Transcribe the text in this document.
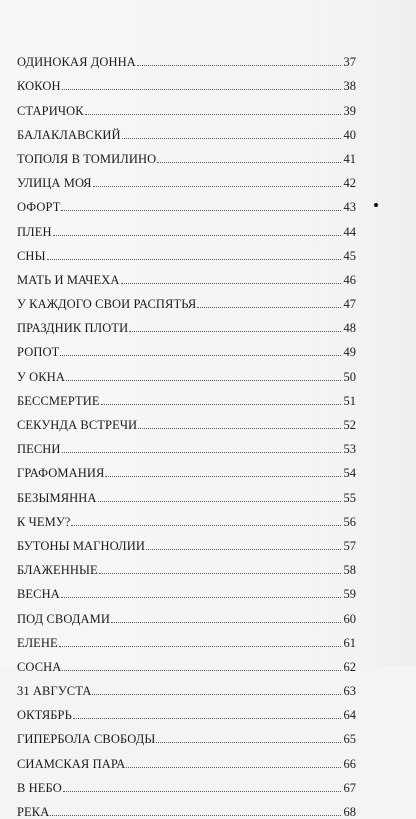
ОДИНОКАЯ ДОННА	37
КОКОН	38
СТАРИЧОК	39
БАЛАКЛАВСКИЙ	40
ТОПОЛЯ В ТОМИЛИНО	41
УЛИЦА МОЯ	42
ОФОРТ	43
ПЛЕН	44
СНЫ	45
МАТЬ И МАЧЕХА	46
У КАЖДОГО СВОИ РАСПЯТЬЯ	47
ПРАЗДНИК ПЛОТИ	48
РОПОТ	49
У ОКНА	50
БЕССМЕРТИЕ	51
СЕКУНДА ВСТРЕЧИ	52
ПЕСНИ	53
ГРАФОМАНИЯ	54
БЕЗЫМЯННА	55
К ЧЕМУ?	56
БУТОНЫ МАГНОЛИИ	57
БЛАЖЕННЫЕ	58
ВЕСНА	59
ПОД СВОДАМИ	60
ЕЛЕНЕ	61
СОСНА	62
31 АВГУСТА	63
ОКТЯБРЬ	64
ГИПЕРБОЛА СВОБОДЫ	65
СИАМСКАЯ ПАРА	66
В НЕБО	67
РЕКА	68
